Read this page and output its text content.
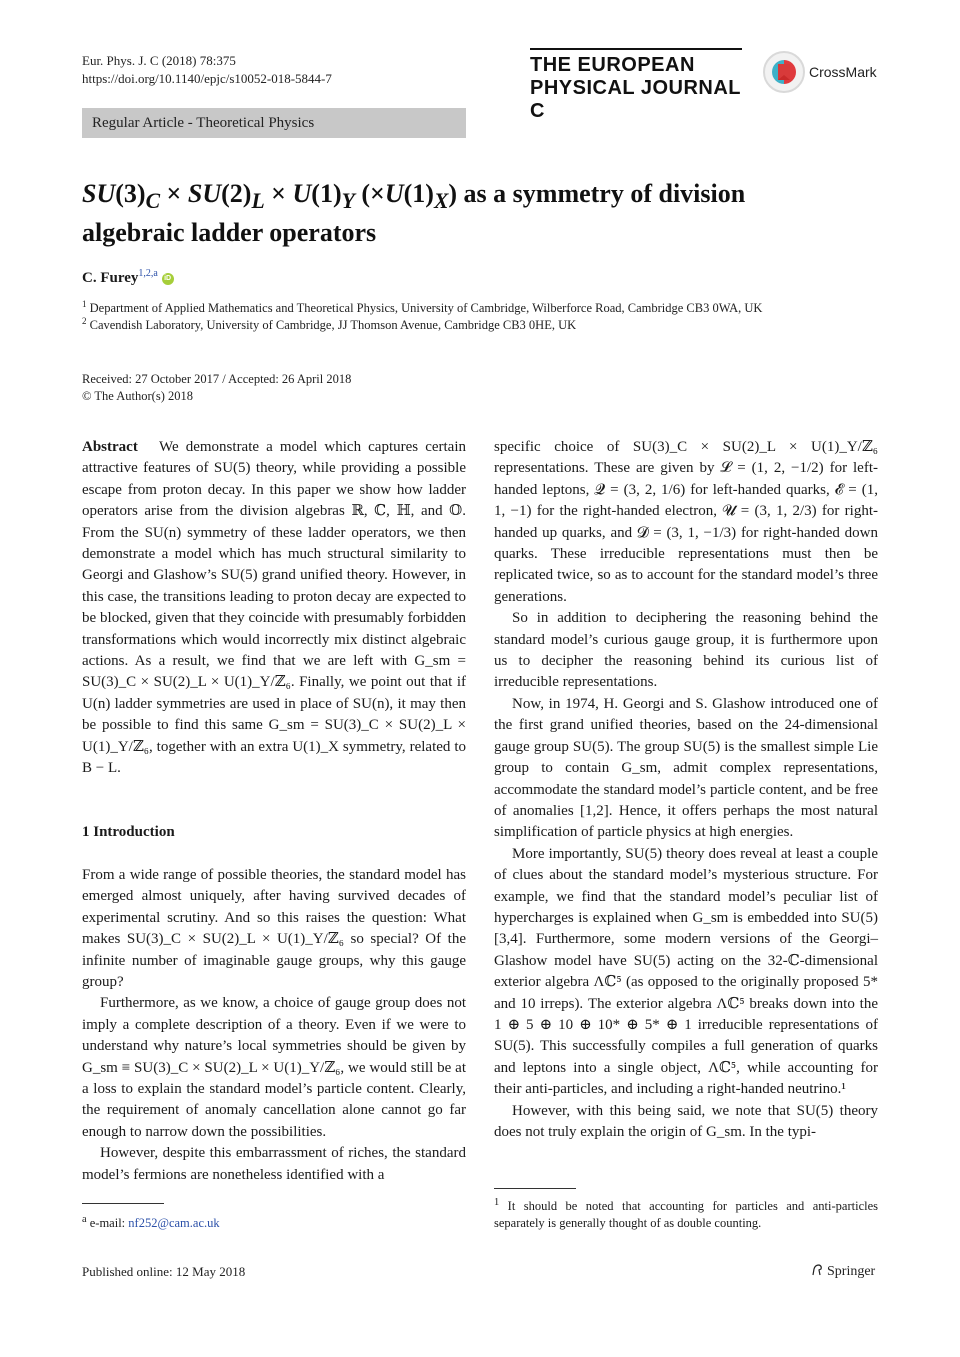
Eur. Phys. J. C (2018) 78:375
https://doi.org/10.1140/epjc/s10052-018-5844-7
THE EUROPEAN
PHYSICAL JOURNAL C
CrossMark
Regular Article - Theoretical Physics
$SU(3)_C \times SU(2)_L \times U(1)_Y$ $(\times U(1)_X)$ as a symmetry of division
algebraic ladder operators
C. Furey$^{1,2,a}$ iD
$^1$ Department of Applied Mathematics and Theoretical Physics, University of Cambridge, Wilberforce Road, Cambridge CB3 0WA, UK
$^2$ Cavendish Laboratory, University of Cambridge, JJ Thomson Avenue, Cambridge CB3 0HE, UK
Received: 27 October 2017 / Accepted: 26 April 2018
© The Author(s) 2018

Abstract We demonstrate a model which captures certain attractive features of SU(5) theory, while providing a possible escape from proton decay. In this paper we show how ladder operators arise from the division algebras ℝ, ℂ, ℍ, and 𝕆. From the SU(n) symmetry of these ladder operators, we then demonstrate a model which has much structural similarity to Georgi and Glashow’s SU(5) grand unified theory. However, in this case, the transitions leading to proton decay are expected to be blocked, given that they coincide with presumably forbidden transformations which would incorrectly mix distinct algebraic actions. As a result, we find that we are left with G_sm = SU(3)_C × SU(2)_L × U(1)_Y/ℤ₆. Finally, we point out that if U(n) ladder symmetries are used in place of SU(n), it may then be possible to find this same G_sm = SU(3)_C × SU(2)_L × U(1)_Y/ℤ₆, together with an extra U(1)_X symmetry, related to B − L.

1 Introduction

From a wide range of possible theories, the standard model has emerged almost uniquely, after having survived decades of experimental scrutiny. And so this raises the question: What makes SU(3)_C × SU(2)_L × U(1)_Y/ℤ₆ so special? Of the infinite number of imaginable gauge groups, why this gauge group?

Furthermore, as we know, a choice of gauge group does not imply a complete description of a theory. Even if we were to understand why nature’s local symmetries should be given by G_sm ≡ SU(3)_C × SU(2)_L × U(1)_Y/ℤ₆, we would still be at a loss to explain the standard model’s particle content. Clearly, the requirement of anomaly cancellation alone cannot go far enough to narrow down the possibilities.

However, despite this embarrassment of riches, the standard model’s fermions are nonetheless identified with a

specific choice of SU(3)_C × SU(2)_L × U(1)_Y/ℤ₆ representations. These are given by 𝓛 = (1, 2, −1/2) for left-handed leptons, 𝓠 = (3, 2, 1/6) for left-handed quarks, 𝓔 = (1, 1, −1) for the right-handed electron, 𝓤 = (3, 1, 2/3) for right-handed up quarks, and 𝓓 = (3, 1, −1/3) for right-handed down quarks. These irreducible representations must then be replicated twice, so as to account for the standard model’s three generations.

So in addition to deciphering the reasoning behind the standard model’s curious gauge group, it is furthermore upon us to decipher the reasoning behind its curious list of irreducible representations.

Now, in 1974, H. Georgi and S. Glashow introduced one of the first grand unified theories, based on the 24-dimensional gauge group SU(5). The group SU(5) is the smallest simple Lie group to contain G_sm, admit complex representations, accommodate the standard model’s particle content, and be free of anomalies [1,2]. Hence, it offers perhaps the most natural simplification of particle physics at high energies.

More importantly, SU(5) theory does reveal at least a couple of clues about the standard model’s mysterious structure. For example, we find that the standard model’s peculiar list of hypercharges is explained when G_sm is embedded into SU(5) [3,4]. Furthermore, some modern versions of the Georgi–Glashow model have SU(5) acting on the 32-ℂ-dimensional exterior algebra Λℂ⁵ (as opposed to the originally proposed 5* and 10 irreps). The exterior algebra Λℂ⁵ breaks down into the 1 ⊕ 5 ⊕ 10 ⊕ 10* ⊕ 5* ⊕ 1 irreducible representations of SU(5). This successfully compiles a full generation of quarks and leptons into a single object, Λℂ⁵, while accounting for their anti-particles, and including a right-handed neutrino.¹

However, with this being said, we note that SU(5) theory does not truly explain the origin of G_sm. In the typi-

$^a$ e-mail: nf252@cam.ac.uk
$^1$ It should be noted that accounting for particles and anti-particles separately is generally thought of as double counting.
Published online: 12 May 2018	Springer
